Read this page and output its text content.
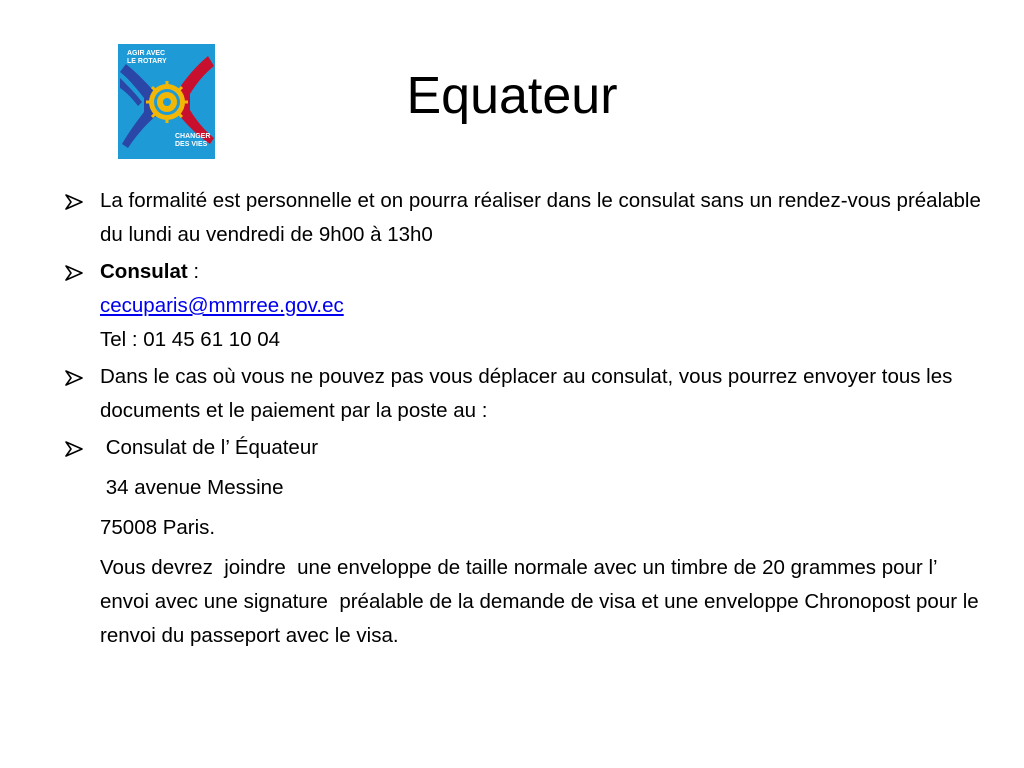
AGIR AVEC
LE ROTARY
CHANGER
DES VIES
Equateur

La formalité est personnelle et on pourra réaliser dans le consulat sans un rendez-vous préalable du lundi au vendredi de 9h00 à 13h0

Consulat :

cecuparis@mmrree.gov.ec

Tel : 01 45 61 10 04

Dans le cas où vous ne pouvez pas vous déplacer au consulat, vous pourrez envoyer tous les documents et le paiement par la poste au :

Consulat de l’ Équateur

34 avenue Messine

75008 Paris.

Vous devrez  joindre  une enveloppe de taille normale avec un timbre de 20 grammes pour l’ envoi avec une signature  préalable de la demande de visa et une enveloppe Chronopost pour le renvoi du passeport avec le visa.
